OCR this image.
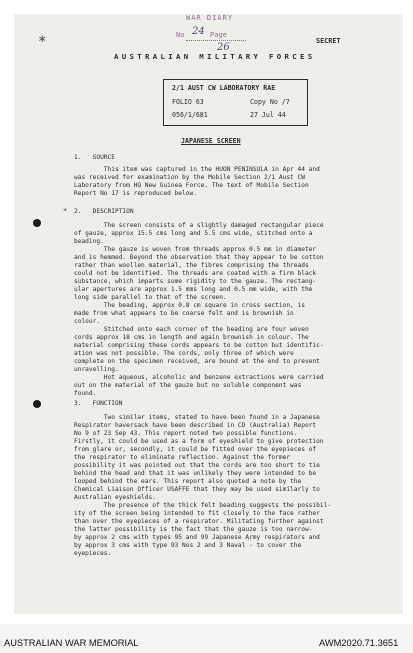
*
WAR DIARY
No 24 Page
26
SECRET
AUSTRALIAN MILITARY FORCES
2/1 AUST CW LABORATORY RAE
FOLIO 63	Copy No /7
056/1/681	27 Jul 44
JAPANESE SCREEN
1.   SOURCE
This item was captured in the HUON PENINSULA in Apr 44 and
was received for examination by the Mobile Section 2/1 Aust CW
Laboratory from HQ New Guinea Force. The text of Mobile Section
Report No 17 is reproduced below.
* 2.   DESCRIPTION
The screen consists of a slightly damaged rectangular piece
of gauze, approx 15.5 cms long and 5.5 cms wide, stitched onto a
beading.
The gauze is woven from threads approx 0.5 mm in diameter
and is hemmed. Beyond the observation that they appear to be cotton
rather than woollen material, the fibres comprising the threads
could not be identified. The threads are coated with a firm black
substance, which imparts some rigidity to the gauze. The rectang-
ular apertures are approx 1.5 mms long and 0.5 mm wide, with the
long side parallel to that of the screen.
The beading, approx 0.8 cm square in cross section, is
made from what appears to be coarse felt and is brownish in
colour.
Stitched onto each corner of the beading are four woven
cords approx 18 cms in length and again brownish in colour. The
material comprising these cords appears to be cotton but identific-
ation was not possible. The cords, only three of which were
complete on the specimen received, are bound at the end to prevent
unravelling.
Hot aqueous, alcoholic and benzene extractions were carried
out on the material of the gauze but no soluble component was
found.
3.   FUNCTION
Two similar items, stated to have been found in a Japanese
Respirator haversack have been described in CD (Australia) Report
No 9 of 23 Sep 43. This report noted two possible functions.
Firstly, it could be used as a form of eyeshield to give protection
from glare or, secondly, it could be fitted over the eyepieces of
the respirator to eliminate reflection. Against the former
possibility it was pointed out that the cords are too short to tie
behind the head and that it was unlikely they were intended to be
looped behind the ears. This report also quoted a note by the
Chemical Liaison Officer USAFFE that they may be used similarly to
Australian eyeshields.
The presence of the thick felt beading suggests the possibil-
ity of the screen being intended to fit closely to the face rather
than over the eyepieces of a respirator. Militating further against
the latter possibility is the fact that the gauze is too narrow-
by approx 2 cms with types 95 and 99 Japanese Army respirators and
by approx 3 cms with type 93 Nos 2 and 3 Naval - to cover the
eyepieces.
AUSTRALIAN WAR MEMORIAL	AWM2020.71.3651
